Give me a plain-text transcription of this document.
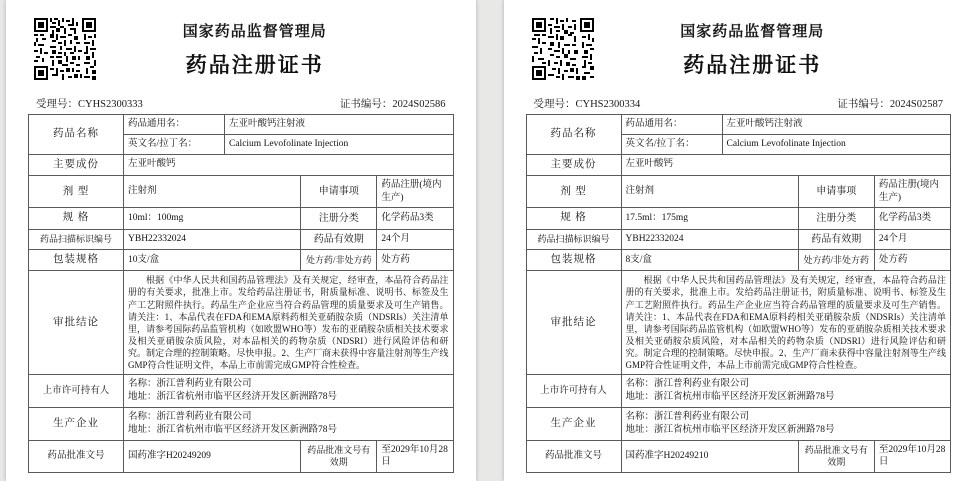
国家药品监督管理局
药品注册证书
受理号：CYHS2300333	证书编号：2024S02586
药品名称	药品通用名：	左亚叶酸钙注射液		
	英文名/拉丁名：	Calcium Levofolinate Injection		
主要成份	左亚叶酸钙			
剂 型	注射剂		申请事项	药品注册(境内生产)
规 格	10ml：100mg		注册分类	化学药品3类
药品扫描标识编号	YBH22332024		药品有效期	24个月
包装规格	10支/盒		处方药/非处方药	处方药
审批结论	根据《中华人民共和国药品管理法》及有关规定，经审查，本品符合药品注册的有关要求，批准上市。发给药品注册证书，附质量标准、说明书、标签及生产工艺附照件执行。药品生产企业应当符合药品管理的质量要求及可生产销售。请关注：1、本品代表在FDA和EMA原料药相关亚硝胺杂质（NDSRIs）关注清单里，请参考国际药品监管机构（如欧盟WHO等）发布的亚硝胺杂质相关技术要求及相关亚硝胺杂质风险，对本品相关的药物杂质（NDSRI）进行风险评估和研究。制定合理的控制策略。尽快申报。2、生产厂商未获得中容量注射剂等生产线GMP符合性证明文件，本品上市前需完成GMP符合性检查。			

上市许可持有人	名称：浙江普利药业有限公司
地址：浙江省杭州市临平区经济开发区新洲路78号			

生产企业	名称：浙江普利药业有限公司
地址：浙江省杭州市临平区经济开发区新洲路78号			

药品批准文号	国药准字H20249209		药品批准文号有效期	至2029年10月28日
国家药品监督管理局
药品注册证书
受理号：CYHS2300334	证书编号：2024S02587
药品名称	药品通用名：	左亚叶酸钙注射液		
	英文名/拉丁名：	Calcium Levofolinate Injection		
主要成份	左亚叶酸钙			
剂 型	注射剂		申请事项	药品注册(境内生产)
规 格	17.5ml：175mg		注册分类	化学药品3类
药品扫描标识编号	YBH22332024		药品有效期	24个月
包装规格	8支/盒		处方药/非处方药	处方药
审批结论	根据《中华人民共和国药品管理法》及有关规定，经审查，本品符合药品注册的有关要求，批准上市。发给药品注册证书，附质量标准、说明书、标签及生产工艺附照件执行。药品生产企业应当符合药品管理的质量要求及可生产销售。请关注：1、本品代表在FDA和EMA原料药相关亚硝胺杂质（NDSRIs）关注清单里，请参考国际药品监管机构（如欧盟WHO等）发布的亚硝胺杂质相关技术要求及相关亚硝胺杂质风险，对本品相关的药物杂质（NDSRI）进行风险评估和研究。制定合理的控制策略。尽快申报。2、生产厂商未获得中容量注射剂等生产线GMP符合性证明文件，本品上市前需完成GMP符合性检查。			

上市许可持有人	名称：浙江普利药业有限公司
地址：浙江省杭州市临平区经济开发区新洲路78号			

生产企业	名称：浙江普利药业有限公司
地址：浙江省杭州市临平区经济开发区新洲路78号			

药品批准文号	国药准字H20249210		药品批准文号有效期	至2029年10月28日
